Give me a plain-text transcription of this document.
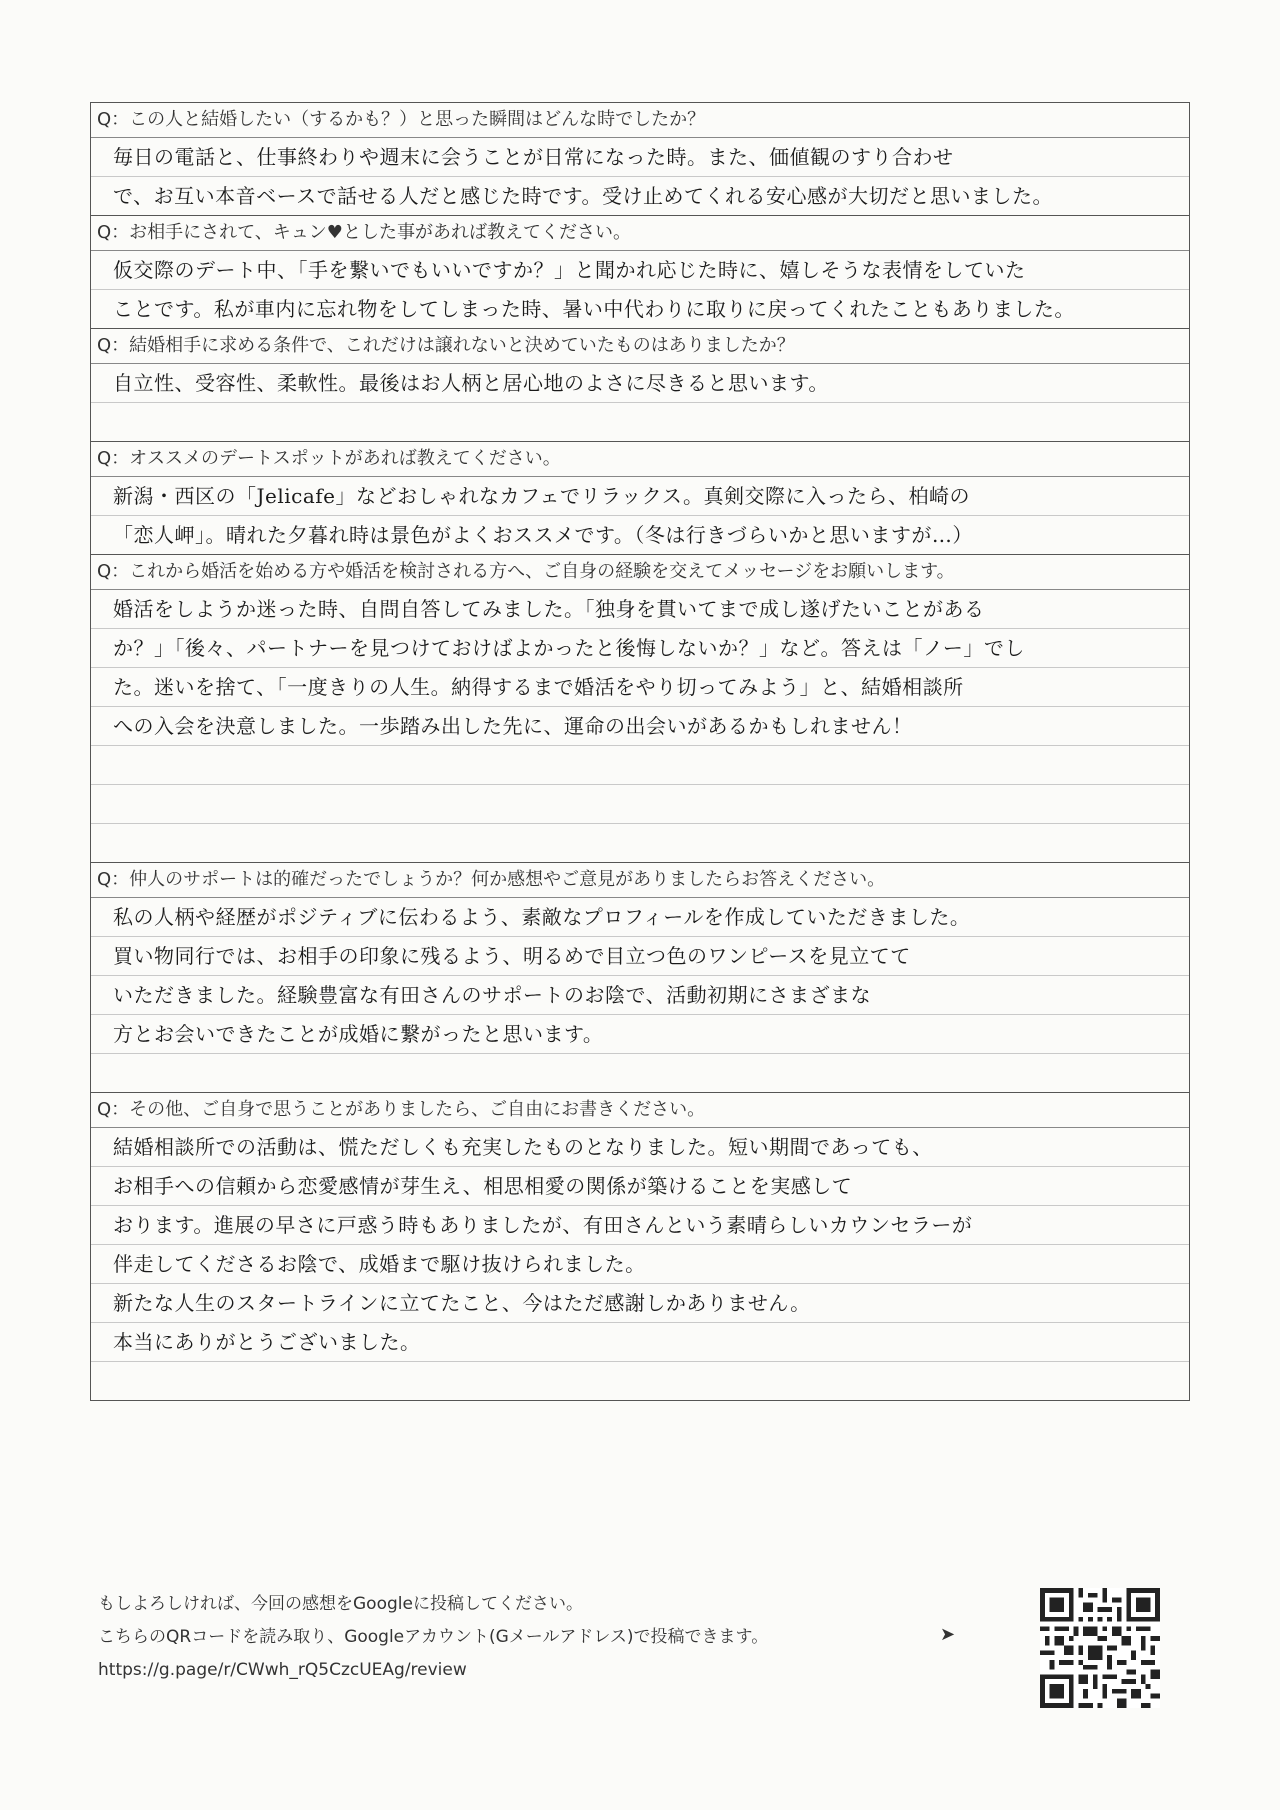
Q：この人と結婚したい（するかも？）と思った瞬間はどんな時でしたか？
毎日の電話と、仕事終わりや週末に会うことが日常になった時。また、価値観のすり合わせ
で、お互い本音ベースで話せる人だと感じた時です。受け止めてくれる安心感が大切だと思いました。
Q：お相手にされて、キュン♥とした事があれば教えてください。
仮交際のデート中、「手を繋いでもいいですか？」と聞かれ応じた時に、嬉しそうな表情をしていた
ことです。私が車内に忘れ物をしてしまった時、暑い中代わりに取りに戻ってくれたこともありました。
Q：結婚相手に求める条件で、これだけは譲れないと決めていたものはありましたか？
自立性、受容性、柔軟性。最後はお人柄と居心地のよさに尽きると思います。
Q：オススメのデートスポットがあれば教えてください。
新潟・西区の「Jelicafe」などおしゃれなカフェでリラックス。真剣交際に入ったら、柏崎の
「恋人岬」。晴れた夕暮れ時は景色がよくおススメです。（冬は行きづらいかと思いますが…）
Q：これから婚活を始める方や婚活を検討される方へ、ご自身の経験を交えてメッセージをお願いします。
婚活をしようか迷った時、自問自答してみました。「独身を貫いてまで成し遂げたいことがある
か？」「後々、パートナーを見つけておけばよかったと後悔しないか？」など。答えは「ノー」でし
た。迷いを捨て、「一度きりの人生。納得するまで婚活をやり切ってみよう」と、結婚相談所
への入会を決意しました。一歩踏み出した先に、運命の出会いがあるかもしれません！
Q：仲人のサポートは的確だったでしょうか？何か感想やご意見がありましたらお答えください。
私の人柄や経歴がポジティブに伝わるよう、素敵なプロフィールを作成していただきました。
買い物同行では、お相手の印象に残るよう、明るめで目立つ色のワンピースを見立てて
いただきました。経験豊富な有田さんのサポートのお陰で、活動初期にさまざまな
方とお会いできたことが成婚に繋がったと思います。
Q：その他、ご自身で思うことがありましたら、ご自由にお書きください。
結婚相談所での活動は、慌ただしくも充実したものとなりました。短い期間であっても、
お相手への信頼から恋愛感情が芽生え、相思相愛の関係が築けることを実感して
おります。進展の早さに戸惑う時もありましたが、有田さんという素晴らしいカウンセラーが
伴走してくださるお陰で、成婚まで駆け抜けられました。
新たな人生のスタートラインに立てたこと、今はただ感謝しかありません。
本当にありがとうございました。
もしよろしければ、今回の感想をGoogleに投稿してください。
こちらのQRコードを読み取り、Googleアカウント(Gメールアドレス)で投稿できます。
https://g.page/r/CWwh_rQ5CzcUEAg/review
➤
